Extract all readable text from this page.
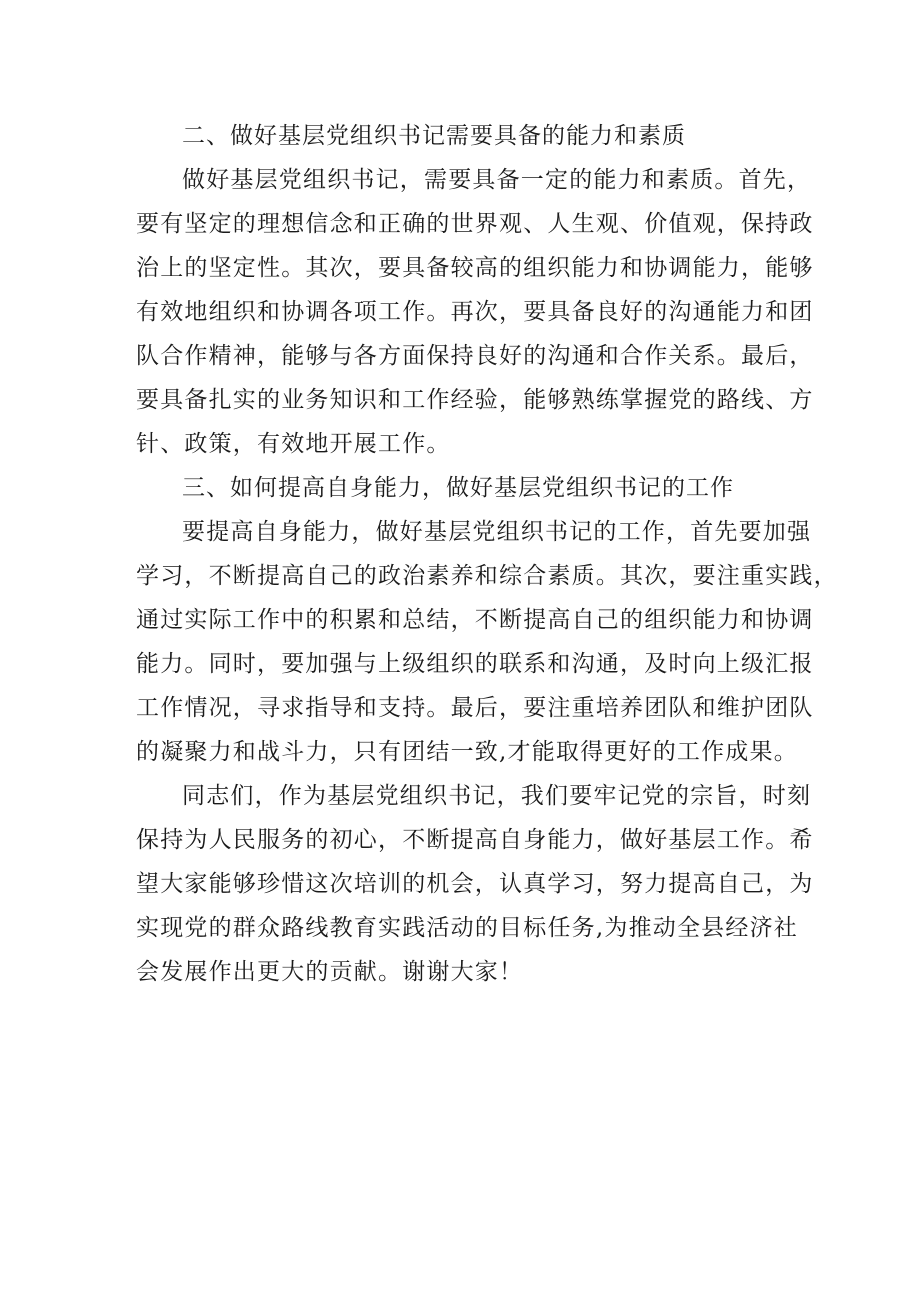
二、做好基层党组织书记需要具备的能力和素质

做好基层党组织书记，需要具备一定的能力和素质。首先，
要有坚定的理想信念和正确的世界观、人生观、价值观，保持政
治上的坚定性。其次，要具备较高的组织能力和协调能力，能够
有效地组织和协调各项工作。再次，要具备良好的沟通能力和团
队合作精神，能够与各方面保持良好的沟通和合作关系。最后，
要具备扎实的业务知识和工作经验，能够熟练掌握党的路线、方
针、政策，有效地开展工作。

三、如何提高自身能力，做好基层党组织书记的工作

要提高自身能力，做好基层党组织书记的工作，首先要加强
学习，不断提高自己的政治素养和综合素质。其次，要注重实践，
通过实际工作中的积累和总结，不断提高自己的组织能力和协调
能力。同时，要加强与上级组织的联系和沟通，及时向上级汇报
工作情况，寻求指导和支持。最后，要注重培养团队和维护团队
的凝聚力和战斗力，只有团结一致,才能取得更好的工作成果。
同志们，作为基层党组织书记，我们要牢记党的宗旨，时刻
保持为人民服务的初心，不断提高自身能力，做好基层工作。希
望大家能够珍惜这次培训的机会，认真学习，努力提高自己，为
实现党的群众路线教育实践活动的目标任务,为推动全县经济社
会发展作出更大的贡献。谢谢大家！
